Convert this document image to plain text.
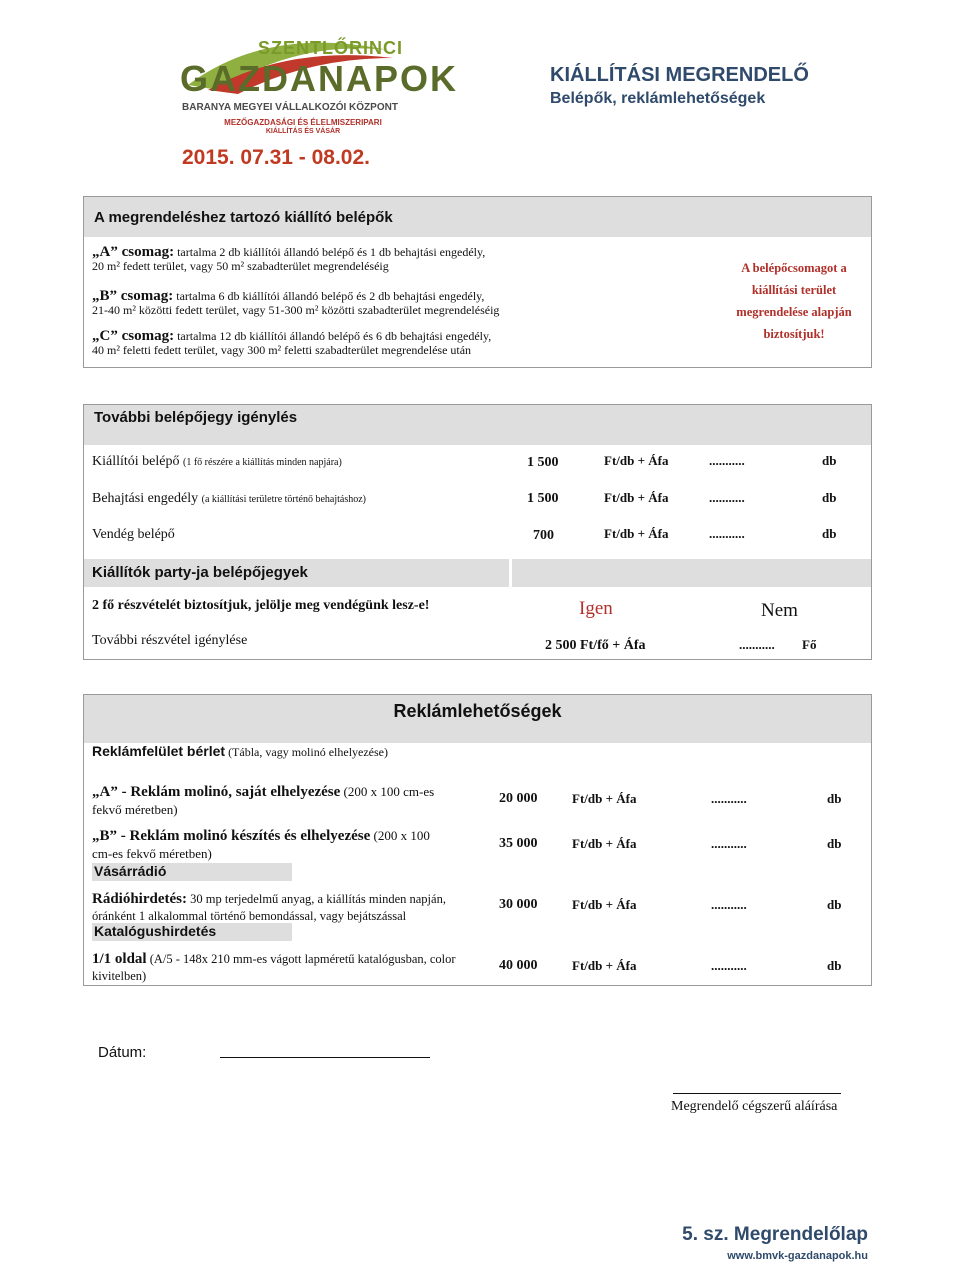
SZENTLŐRINCI
GAZDANAPOK
BARANYA MEGYEI VÁLLALKOZÓI KÖZPONT
MEZŐGAZDASÁGI ÉS ÉLELMISZERIPARI
KIÁLLÍTÁS ÉS VÁSÁR
2015. 07.31 - 08.02.
KIÁLLÍTÁSI MEGRENDELŐ
Belépők, reklámlehetőségek
A megrendeléshez tartozó kiállító belépők
„A” csomag: tartalma 2 db kiállítói állandó belépő és 1 db behajtási engedély,
20 m² fedett terület, vagy 50 m² szabadterület megrendeléséig
„B” csomag: tartalma 6 db kiállítói állandó belépő és 2 db behajtási engedély,
21-40 m² közötti fedett terület, vagy 51-300 m² közötti szabadterület megrendeléséig
„C” csomag: tartalma 12 db kiállítói állandó belépő és 6 db behajtási engedély,
40 m² feletti fedett terület, vagy 300 m² feletti szabadterület megrendelése után
A belépőcsomagot a
kiállítási terület
megrendelése alapján
biztosítjuk!
További belépőjegy igénylés
Kiállítói belépő (1 fő részére a kiállítás minden napjára)	1 500	Ft/db + Áfa	...........	db
Behajtási engedély (a kiállítási területre történő behajtáshoz)	1 500	Ft/db + Áfa	...........	db
Vendég belépő	700	Ft/db + Áfa	...........	db
Kiállítók party-ja belépőjegyek
2 fő részvételét biztosítjuk, jelölje meg vendégünk lesz-e!	Igen	Nem
További részvétel igénylése	2 500 Ft/fő + Áfa	........... Fő
Reklámlehetőségek
Reklámfelület bérlet (Tábla, vagy molinó elhelyezése)
„A” - Reklám molinó, saját elhelyezése (200 x 100 cm-es
fekvő méretben)
20 000	Ft/db + Áfa	...........	db
„B” - Reklám molinó készítés és elhelyezése (200 x 100
cm-es fekvő méretben)
35 000	Ft/db + Áfa	...........	db
Vásárrádió
Rádióhirdetés: 30 mp terjedelmű anyag, a kiállítás minden napján,
óránként 1 alkalommal történő bemondással, vagy bejátszással
30 000	Ft/db + Áfa	...........	db
Katalógushirdetés
1/1 oldal (A/5 - 148x 210 mm-es vágott lapméretű katalógusban, color
kivitelben)
40 000	Ft/db + Áfa	...........	db
Dátum:
Megrendelő cégszerű aláírása
5. sz. Megrendelőlap
www.bmvk-gazdanapok.hu
